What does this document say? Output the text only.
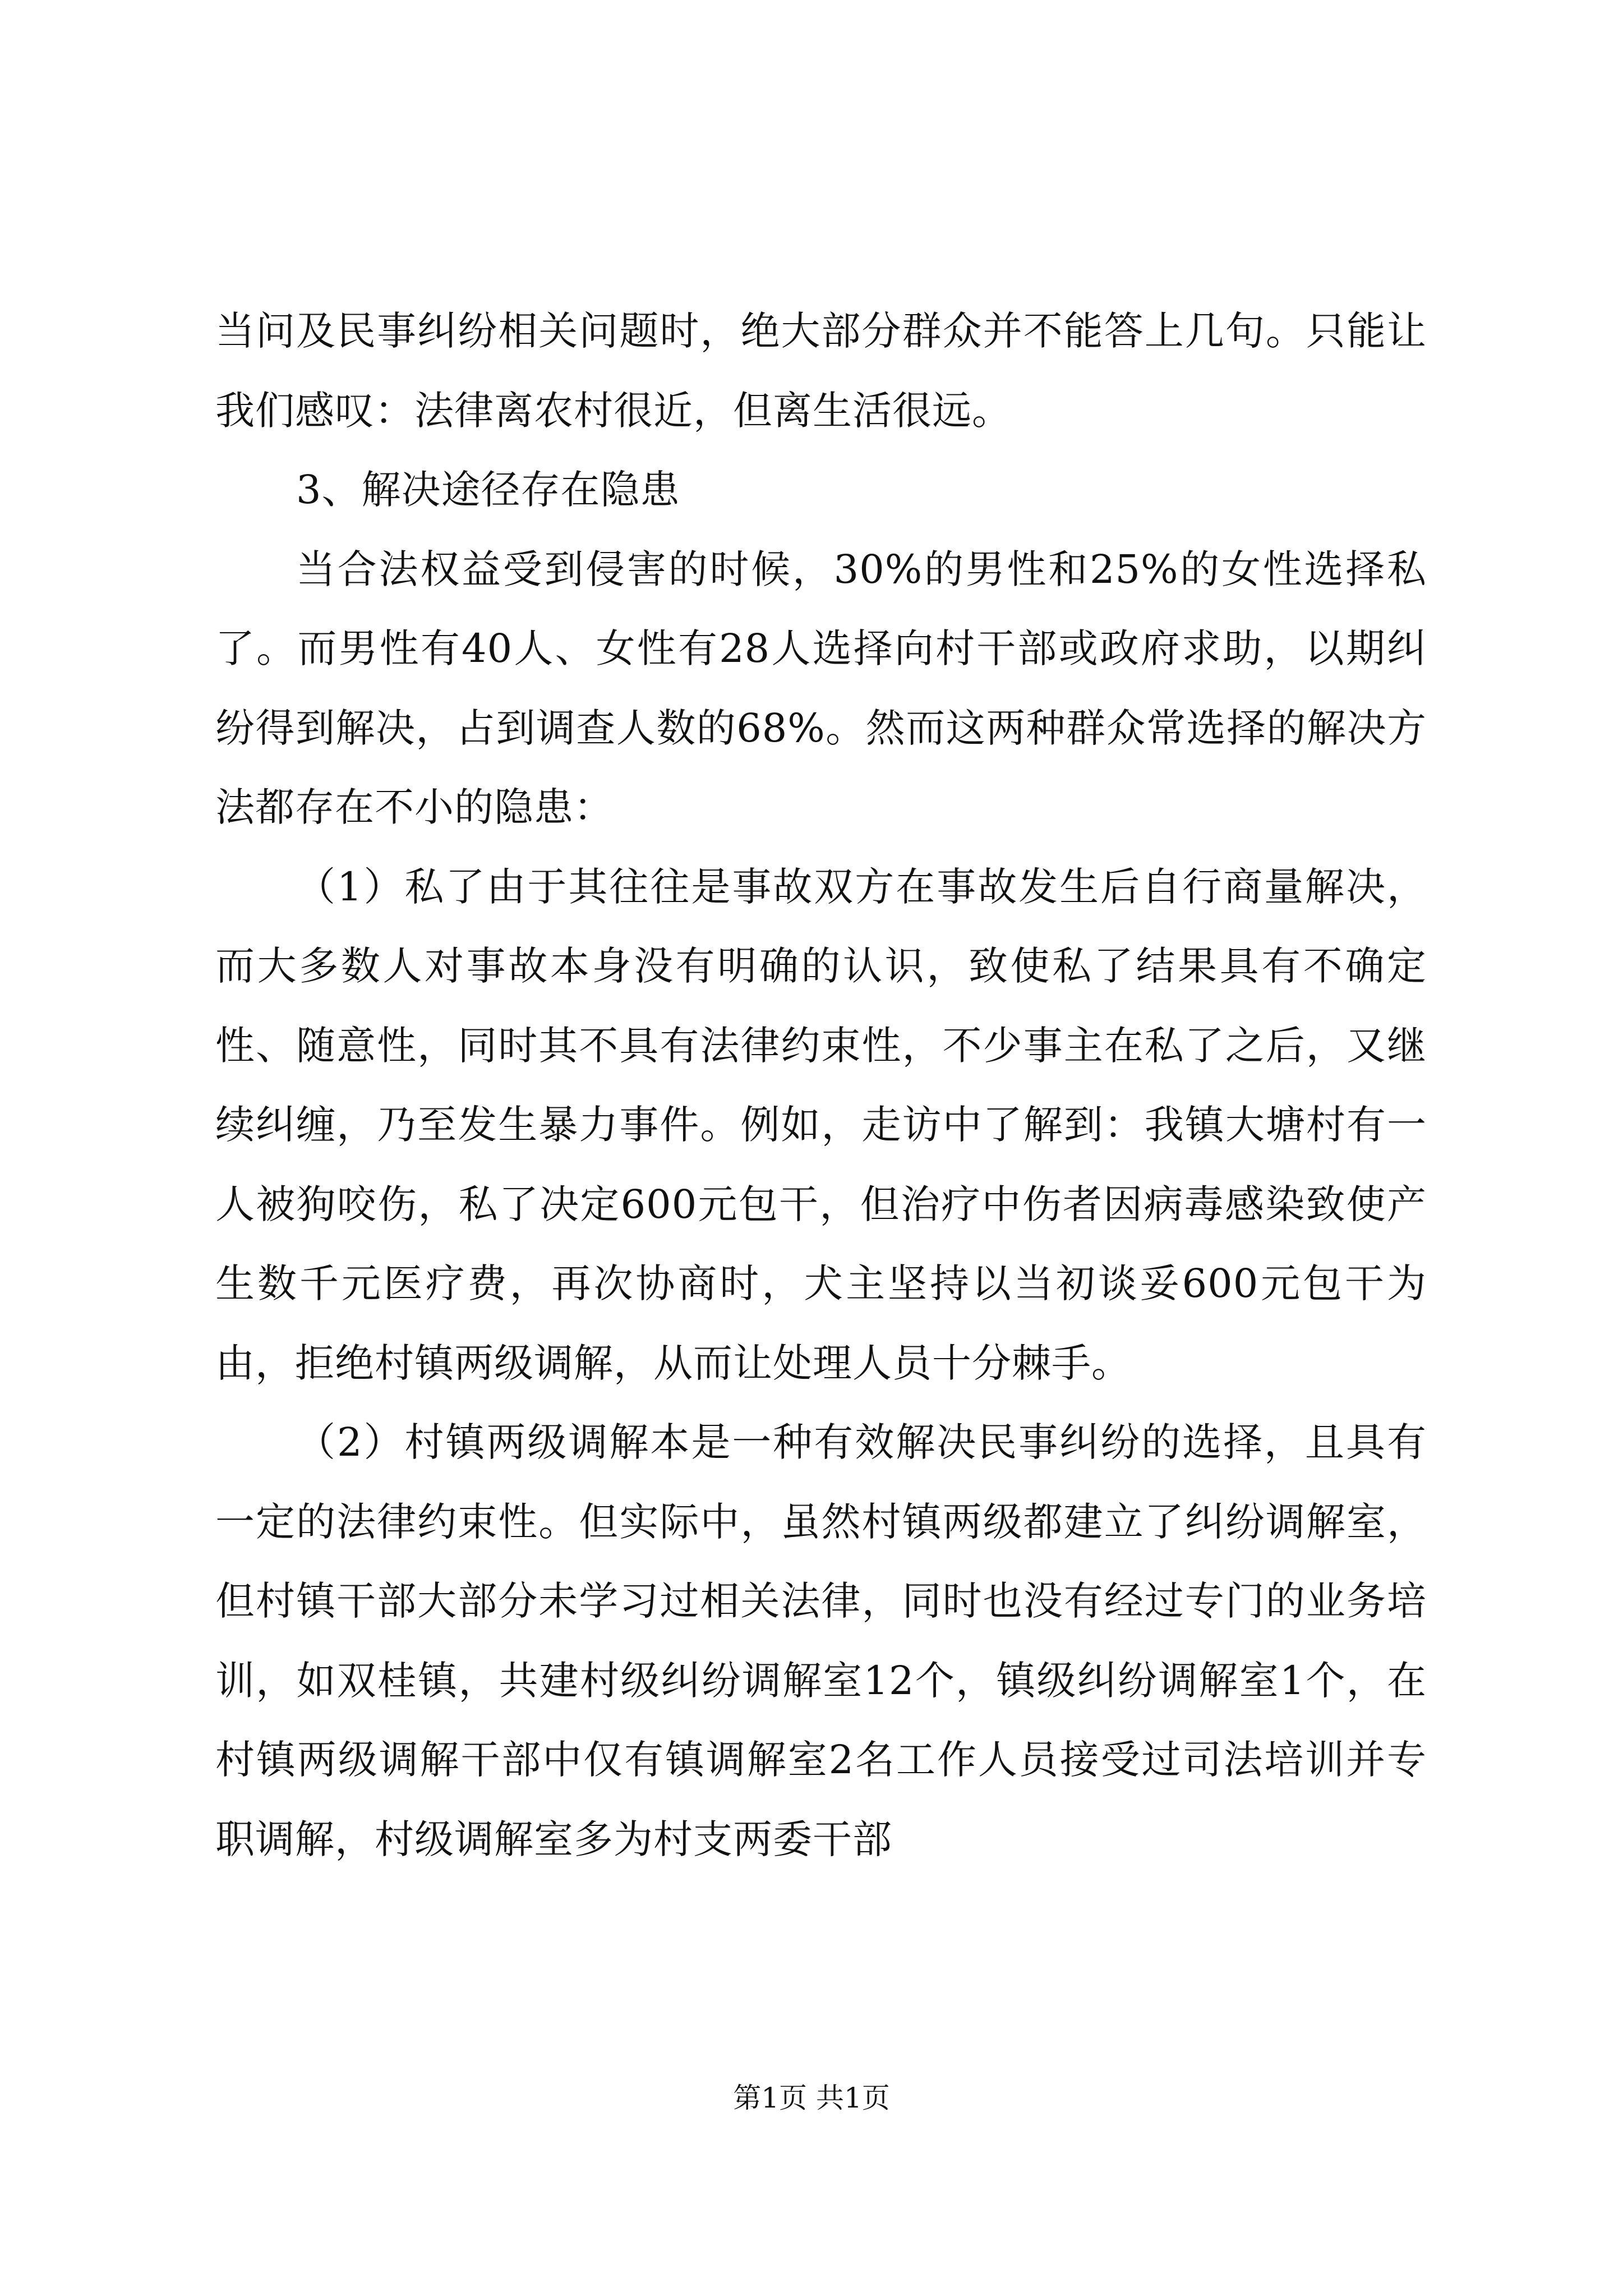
当问及民事纠纷相关问题时，绝大部分群众并不能答上几句。只能让我们感叹：法律离农村很近，但离生活很远。

3、解决途径存在隐患

当合法权益受到侵害的时候，30%的男性和25%的女性选择私了。而男性有40人、女性有28人选择向村干部或政府求助，以期纠纷得到解决，占到调查人数的68%。然而这两种群众常选择的解决方法都存在不小的隐患：

（1）私了由于其往往是事故双方在事故发生后自行商量解决，而大多数人对事故本身没有明确的认识，致使私了结果具有不确定性、随意性，同时其不具有法律约束性，不少事主在私了之后，又继续纠缠，乃至发生暴力事件。例如，走访中了解到：我镇大塘村有一人被狗咬伤，私了决定600元包干，但治疗中伤者因病毒感染致使产生数千元医疗费，再次协商时，犬主坚持以当初谈妥600元包干为由，拒绝村镇两级调解，从而让处理人员十分棘手。

（2）村镇两级调解本是一种有效解决民事纠纷的选择，且具有一定的法律约束性。但实际中，虽然村镇两级都建立了纠纷调解室，但村镇干部大部分未学习过相关法律，同时也没有经过专门的业务培训，如双桂镇，共建村级纠纷调解室12个，镇级纠纷调解室1个，在村镇两级调解干部中仅有镇调解室2名工作人员接受过司法培训并专职调解，村级调解室多为村支两委干部

第1页 共1页
